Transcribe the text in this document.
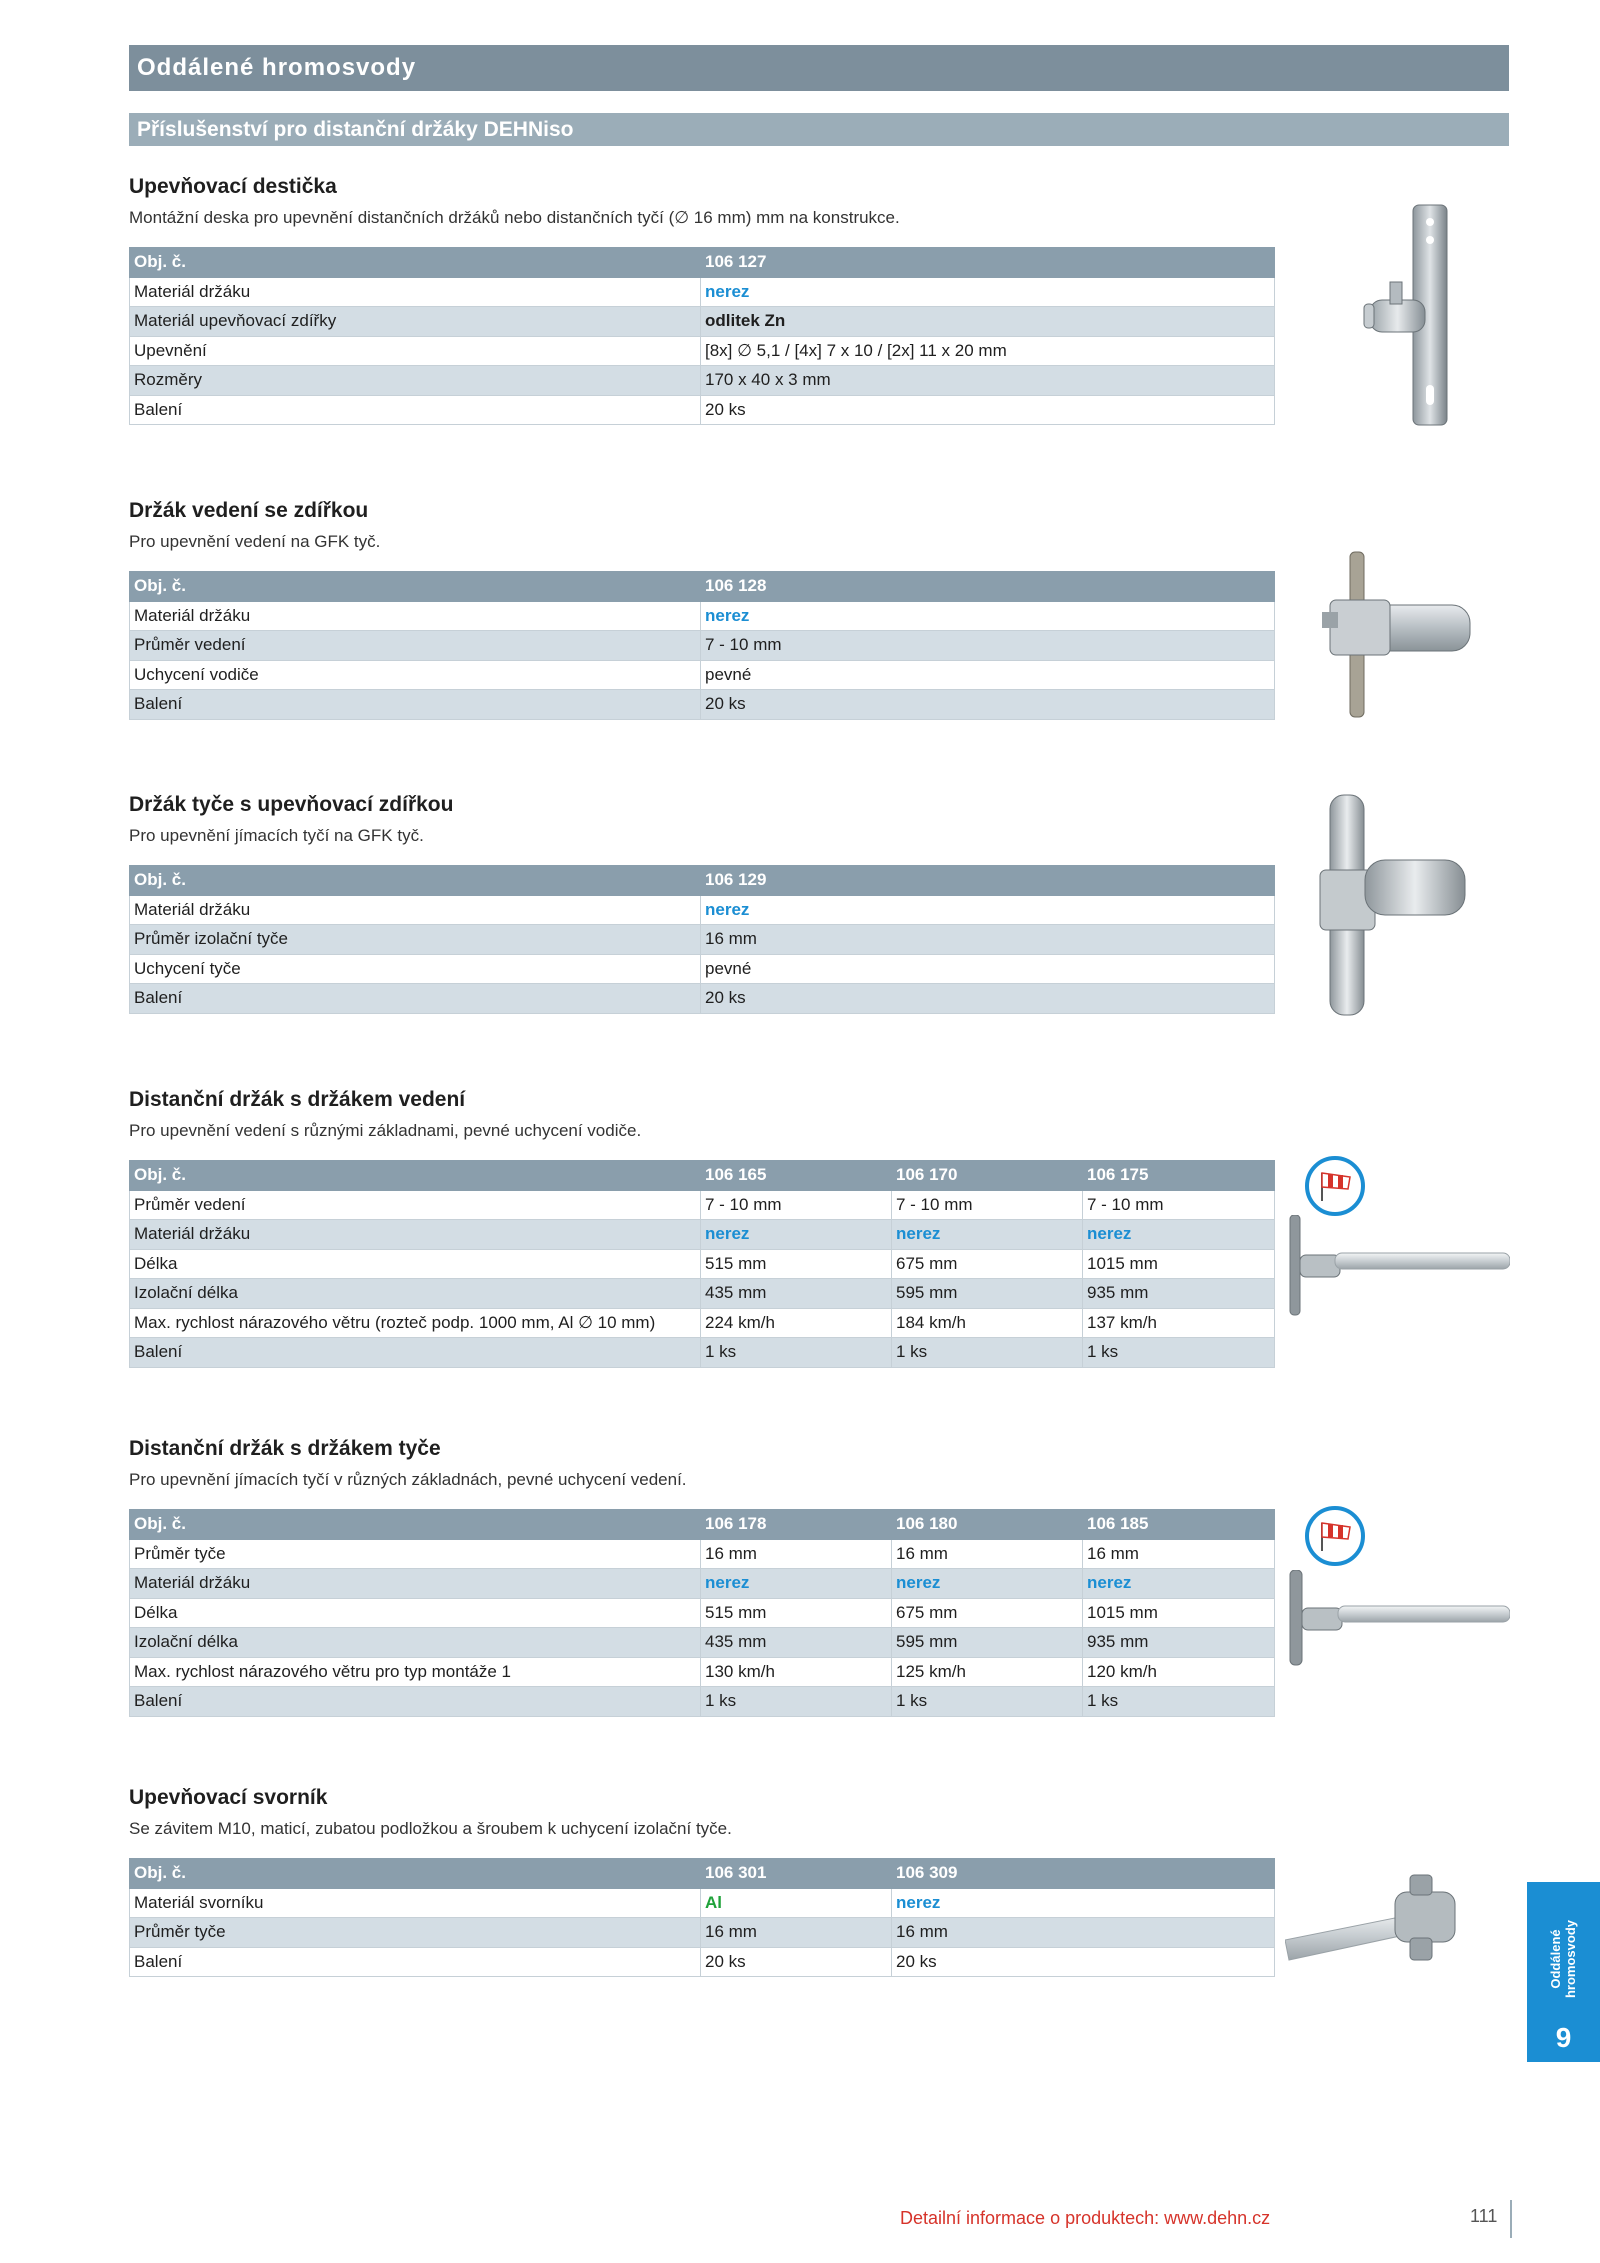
Oddálené hromosvody
Příslušenství pro distanční držáky DEHNiso
Upevňovací destička
Montážní deska pro upevnění distančních držáků nebo distančních tyčí (∅ 16 mm) mm na konstrukce.
Obj. č.	106 127
Materiál držáku	nerez
Materiál upevňovací zdířky	odlitek Zn
Upevnění	[8x] ∅ 5,1 / [4x] 7 x 10 / [2x] 11 x 20 mm
Rozměry	170 x 40 x 3 mm
Balení	20 ks
Držák vedení se zdířkou
Pro upevnění vedení na GFK tyč.
Obj. č.	106 128
Materiál držáku	nerez
Průměr vedení	7 - 10 mm
Uchycení vodiče	pevné
Balení	20 ks
Držák tyče s upevňovací zdířkou
Pro upevnění jímacích tyčí na GFK tyč.
Obj. č.	106 129
Materiál držáku	nerez
Průměr izolační tyče	16 mm
Uchycení tyče	pevné
Balení	20 ks
Distanční držák s držákem vedení
Pro upevnění vedení s různými základnami, pevné uchycení vodiče.
Obj. č.	106 165	106 170	106 175
Průměr vedení	7 - 10 mm	7 - 10 mm	7 - 10 mm
Materiál držáku	nerez	nerez	nerez
Délka	515 mm	675 mm	1015 mm
Izolační délka	435 mm	595 mm	935 mm
Max. rychlost nárazového větru (rozteč podp. 1000 mm, Al ∅ 10 mm)	224 km/h	184 km/h	137 km/h
Balení	1 ks	1 ks	1 ks
Distanční držák s držákem tyče
Pro upevnění jímacích tyčí v různých základnách, pevné uchycení vedení.
Obj. č.	106 178	106 180	106 185
Průměr tyče	16 mm	16 mm	16 mm
Materiál držáku	nerez	nerez	nerez
Délka	515 mm	675 mm	1015 mm
Izolační délka	435 mm	595 mm	935 mm
Max. rychlost nárazového větru pro typ montáže 1	130 km/h	125 km/h	120 km/h
Balení	1 ks	1 ks	1 ks
Upevňovací svorník
Se závitem M10, maticí, zubatou podložkou a šroubem k uchycení izolační tyče.
Obj. č.	106 301	106 309
Materiál svorníku	Al	nerez
Průměr tyče	16 mm	16 mm
Balení	20 ks	20 ks	Oddálené hromosvody
9
Detailní informace o produktech: www.dehn.cz	111
